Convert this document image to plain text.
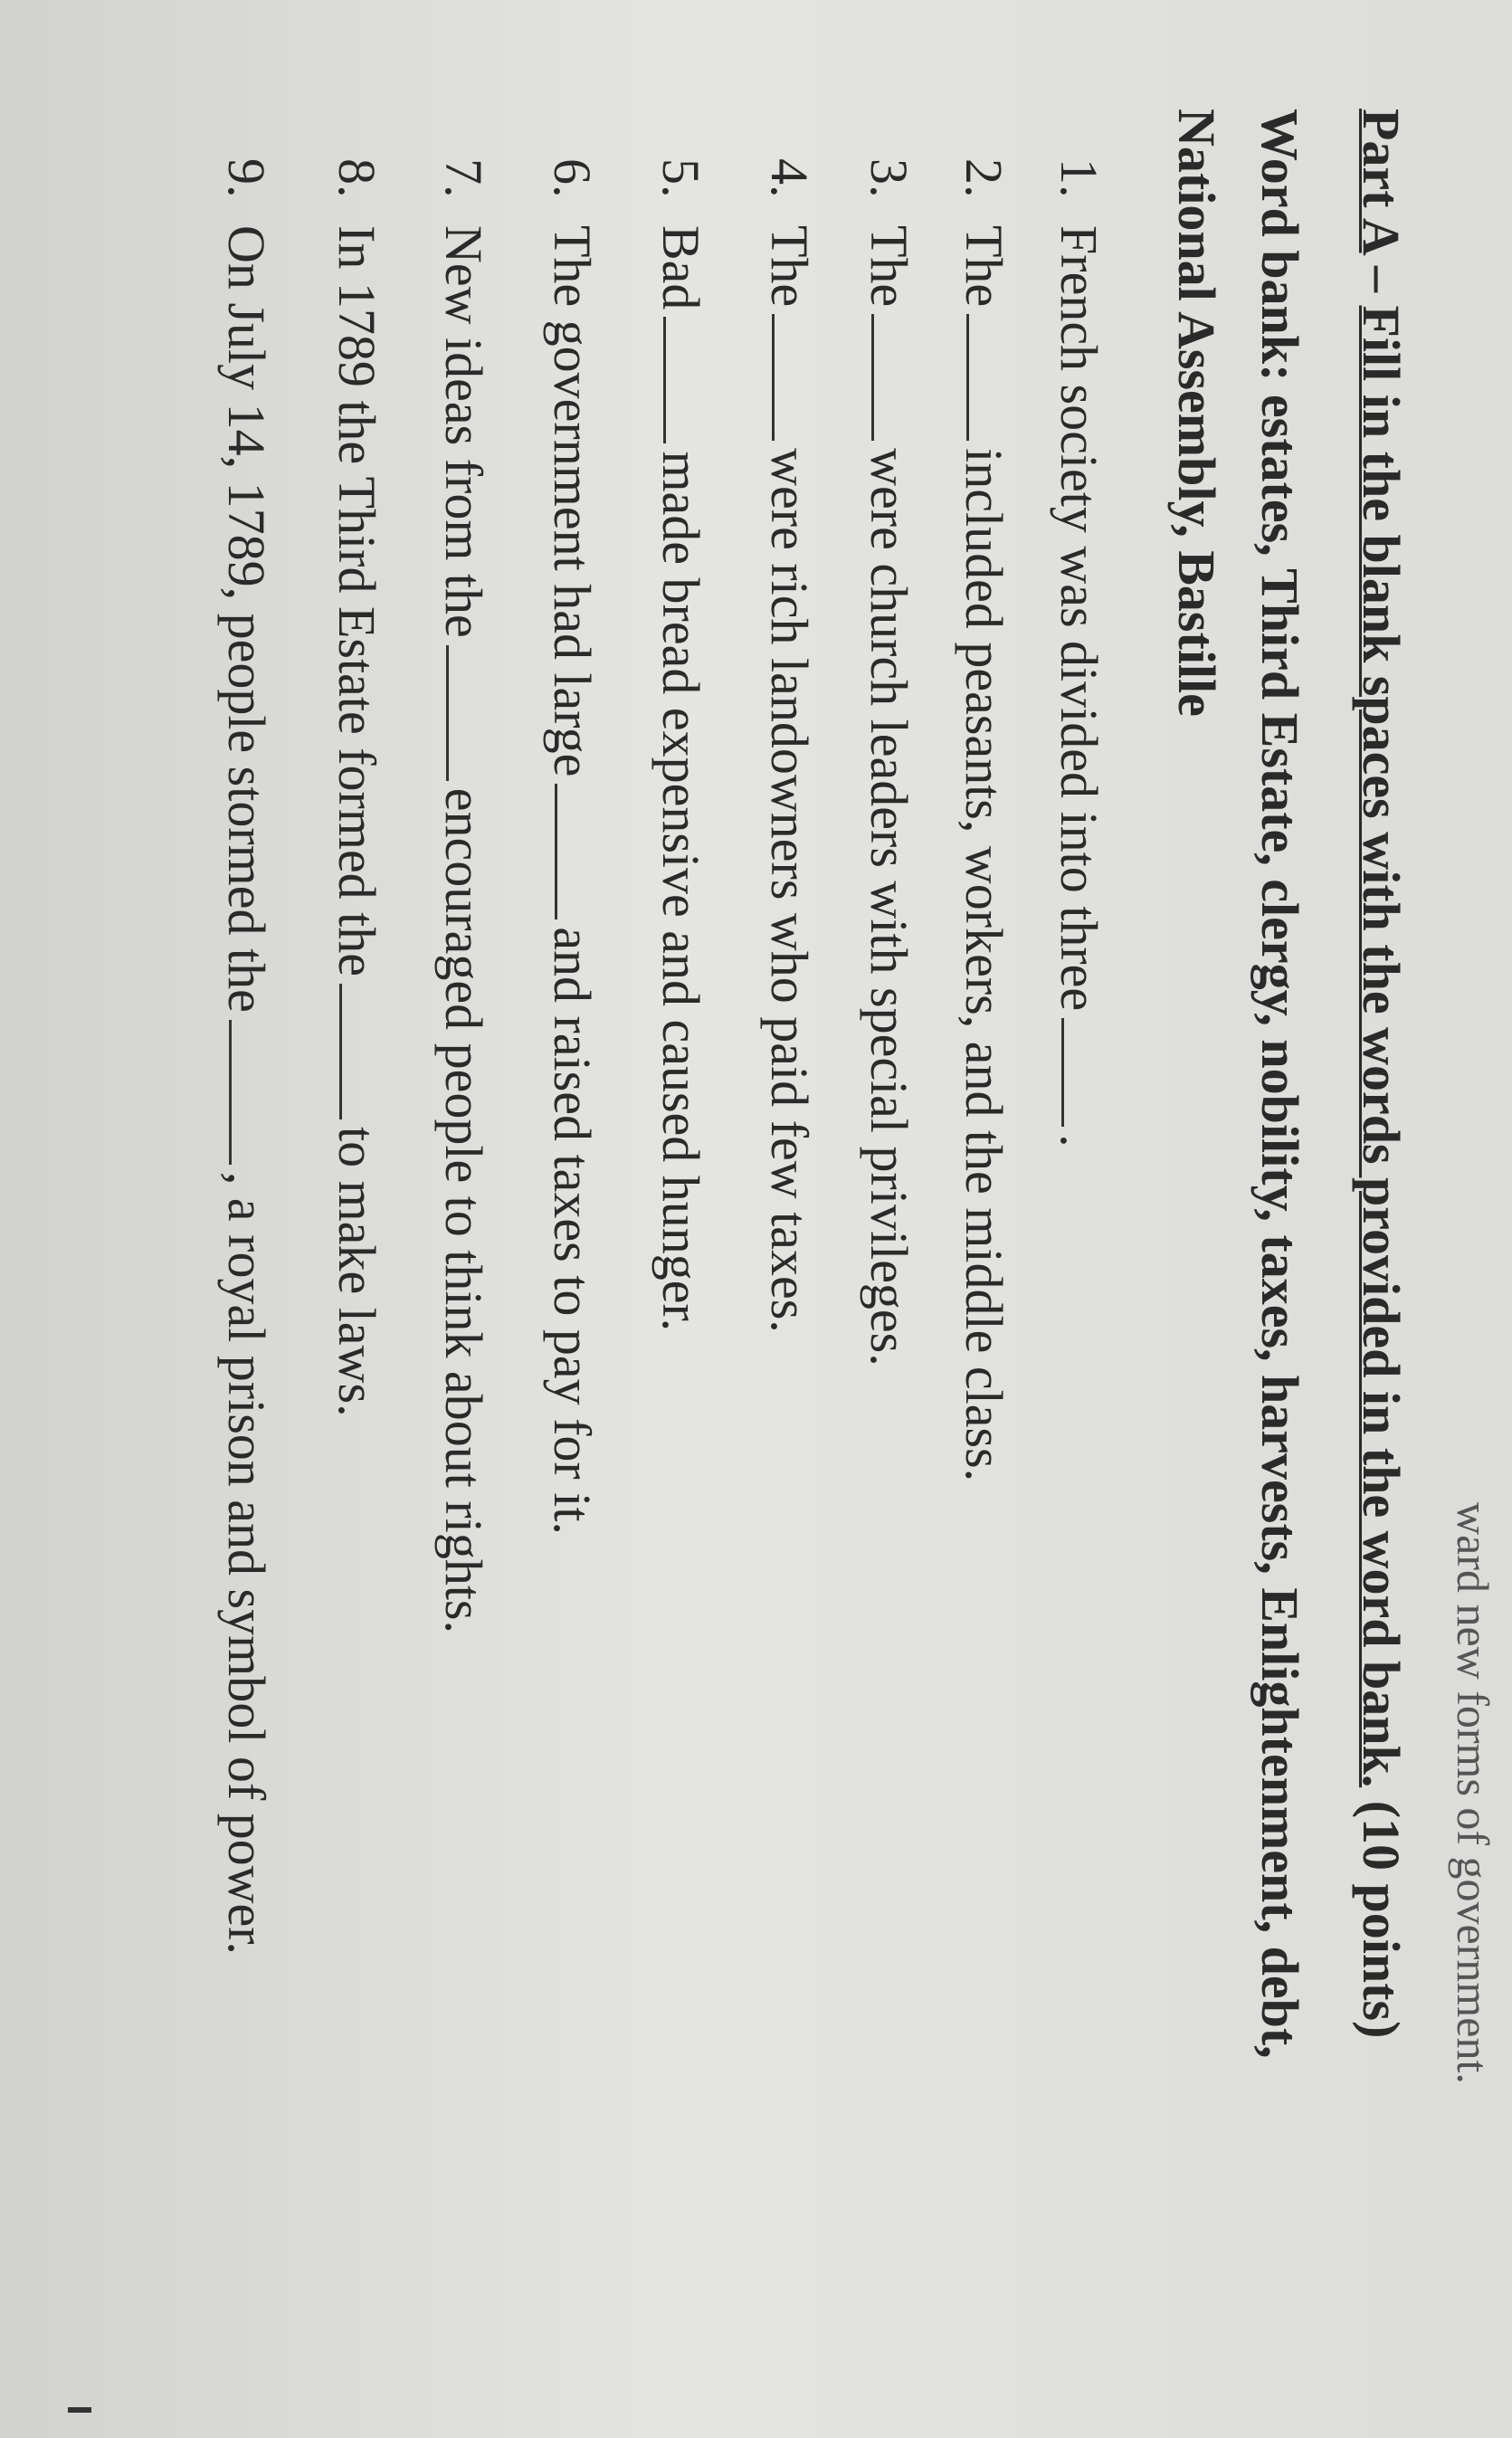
ward new forms of government.
Part A – Fill in the blank spaces with the words provided in the word bank. (10 points)
Word bank: estates, Third Estate, clergy, nobility, taxes, harvests, Enlightenment, debt,
National Assembly, Bastille
1.French society was divided into three.
2.Theincluded peasants, workers, and the middle class.
3.Thewere church leaders with special privileges.
4.Thewere rich landowners who paid few taxes.
5.Badmade bread expensive and caused hunger.
6.The government had largeand raised taxes to pay for it.
7.New ideas from theencouraged people to think about rights.
8.In 1789 the Third Estate formed theto make laws.
9.On July 14, 1789, people stormed the, a royal prison and symbol of power.
